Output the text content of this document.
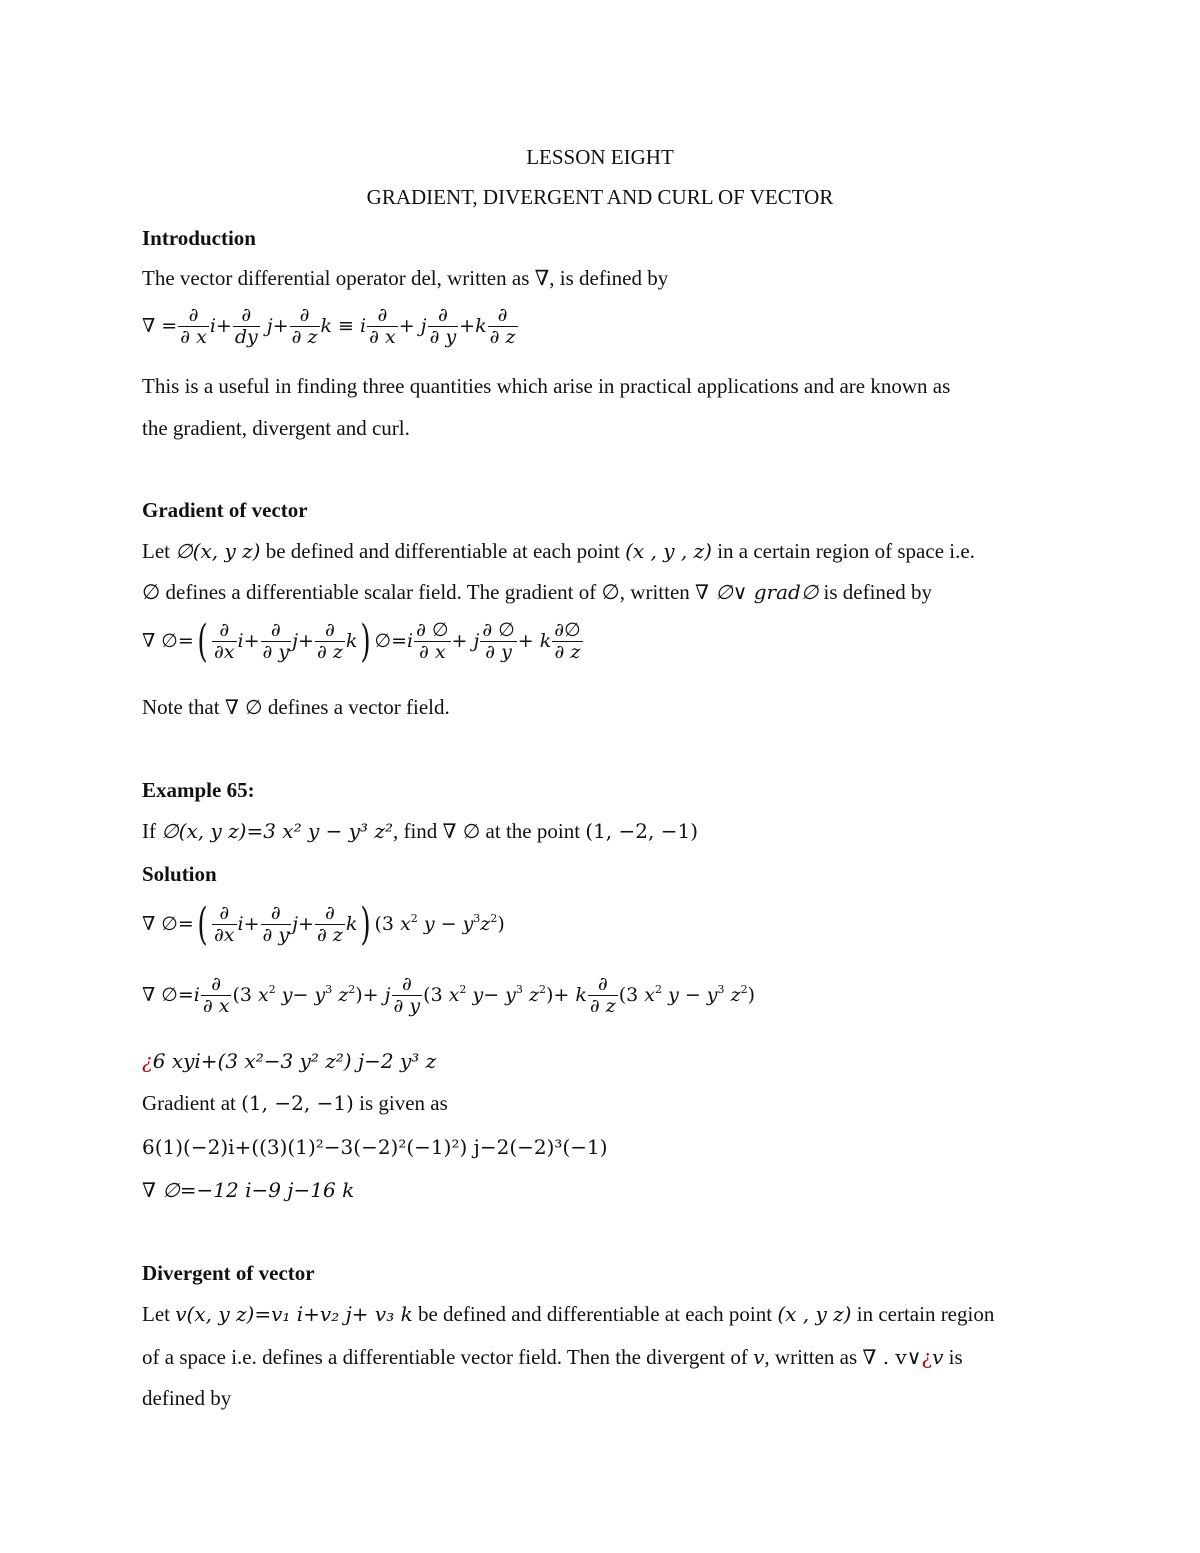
LESSON EIGHT
GRADIENT, DIVERGENT AND CURL OF VECTOR
Introduction
The vector differential operator del, written as ∇, is defined by
∇ = $\frac{\partial}{\partial x} i+ \frac{\partial}{dy} j+ \frac{\partial}{\partial z}$ k ≡ i $\frac{\partial}{\partial x} + j \frac{\partial}{\partial y} +k \frac{\partial}{\partial z}$
This is a useful in finding three quantities which arise in practical applications and are known as
the gradient, divergent and curl.
Gradient of vector
Let ∅(x, y z) be defined and differentiable at each point (x , y , z) in a certain region of space i.e.
∅ defines a differentiable scalar field. The gradient of ∅, written ∇ ∅∨ grad∅ is defined by
∇ ∅=( $\frac{\partial}{\partial x} i+ \frac{\partial}{\partial y} j+ \frac{\partial}{\partial z} k$) ∅=i $\frac{\partial \emptyset}{\partial x} + j \frac{\partial \emptyset}{\partial y} + k \frac{\partial\emptyset}{\partial z}$
Note that ∇ ∅ defines a vector field.
Example 65:
If ∅(x, y z)=3 x² y − y³ z², find ∇ ∅ at the point (1, −2, −1)
Solution
∇ ∅=( $\frac{\partial}{\partial x} i+ \frac{\partial}{\partial y} j+ \frac{\partial}{\partial z} k$) (3 $x^2$ $y - y^3z^2$)
∇ ∅=i $\frac{\partial}{\partial x} (3$ $x^2$ $y- y^3$ $z^2)+ j \frac{\partial}{\partial y} (3$ $x^2$ $y- y^3$ $z^2)+ k \frac{\partial}{\partial z} (3$ $x^2$ $y - y^3$ $z^2$)
¿6 xyi+(3 x²−3 y² z²) j−2 y³ z
Gradient at (1, −2, −1) is given as
6(1)(−2)i+((3)(1)²−3(−2)²(−1)²) j−2(−2)³(−1)
∇ ∅=−12 i−9 j−16 k
Divergent of vector
Let v(x, y z)=v₁ i+v₂ j+ v₃ k be defined and differentiable at each point (x , y z) in certain region
of a space i.e. defines a differentiable vector field. Then the divergent of v, written as ∇ . v∨¿v is
defined by
